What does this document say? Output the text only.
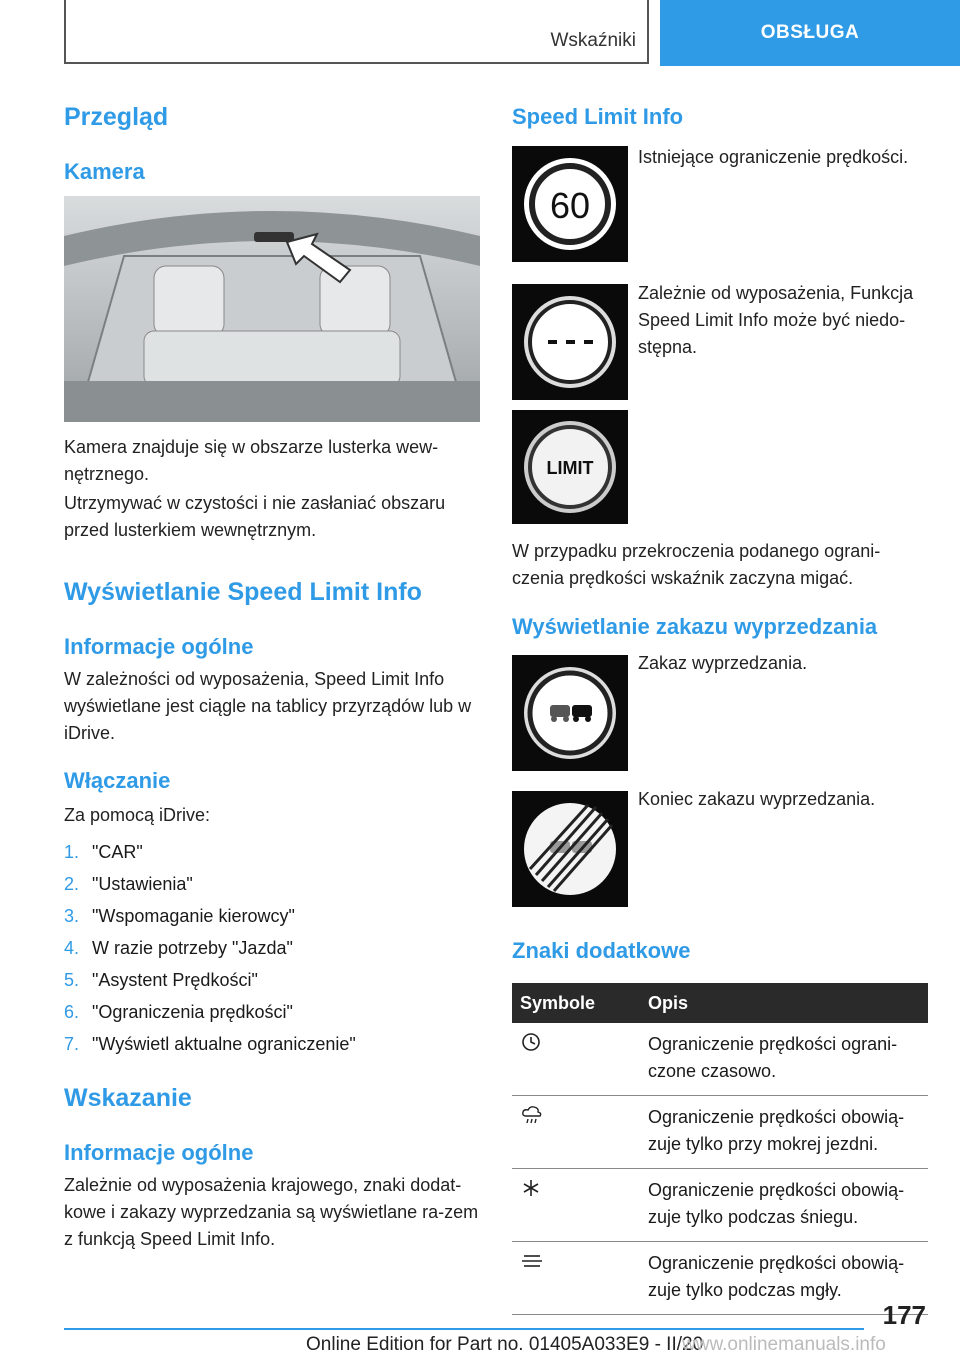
Wskaźniki	OBSŁUGA
Przegląd
Kamera
Kamera znajduje się w obszarze lusterka wew-nętrznego.
Utrzymywać w czystości i nie zasłaniać obszaru przed lusterkiem wewnętrznym.
Wyświetlanie Speed Limit Info
Informacje ogólne
W zależności od wyposażenia, Speed Limit Info wyświetlane jest ciągle na tablicy przyrządów lub w iDrive.
Włączanie
Za pomocą iDrive:
1. "CAR"
2. "Ustawienia"
3. "Wspomaganie kierowcy"
4. W razie potrzeby "Jazda"
5. "Asystent Prędkości"
6. "Ograniczenia prędkości"
7. "Wyświetl aktualne ograniczenie"
Wskazanie
Informacje ogólne
Zależnie od wyposażenia krajowego, znaki dodat-kowe i zakazy wyprzedzania są wyświetlane ra-zem z funkcją Speed Limit Info.
Speed Limit Info
60
Istniejące ograniczenie prędkości.
Zależnie od wyposażenia, Funkcja Speed Limit Info może być niedo-stępna.
LIMIT
W przypadku przekroczenia podanego ograni-czenia prędkości wskaźnik zaczyna migać.
Wyświetlanie zakazu wyprzedzania
Zakaz wyprzedzania.
Koniec zakazu wyprzedzania.
Znaki dodatkowe
Symbole	Opis
	Ograniczenie prędkości ograni-czone czasowo.
	Ograniczenie prędkości obowią-zuje tylko przy mokrej jezdni.
	Ograniczenie prędkości obowią-zuje tylko podczas śniegu.
	Ograniczenie prędkości obowią-zuje tylko podczas mgły.
177
Online Edition for Part no. 01405A033E9 - II/20
www.onlinemanuals.info
